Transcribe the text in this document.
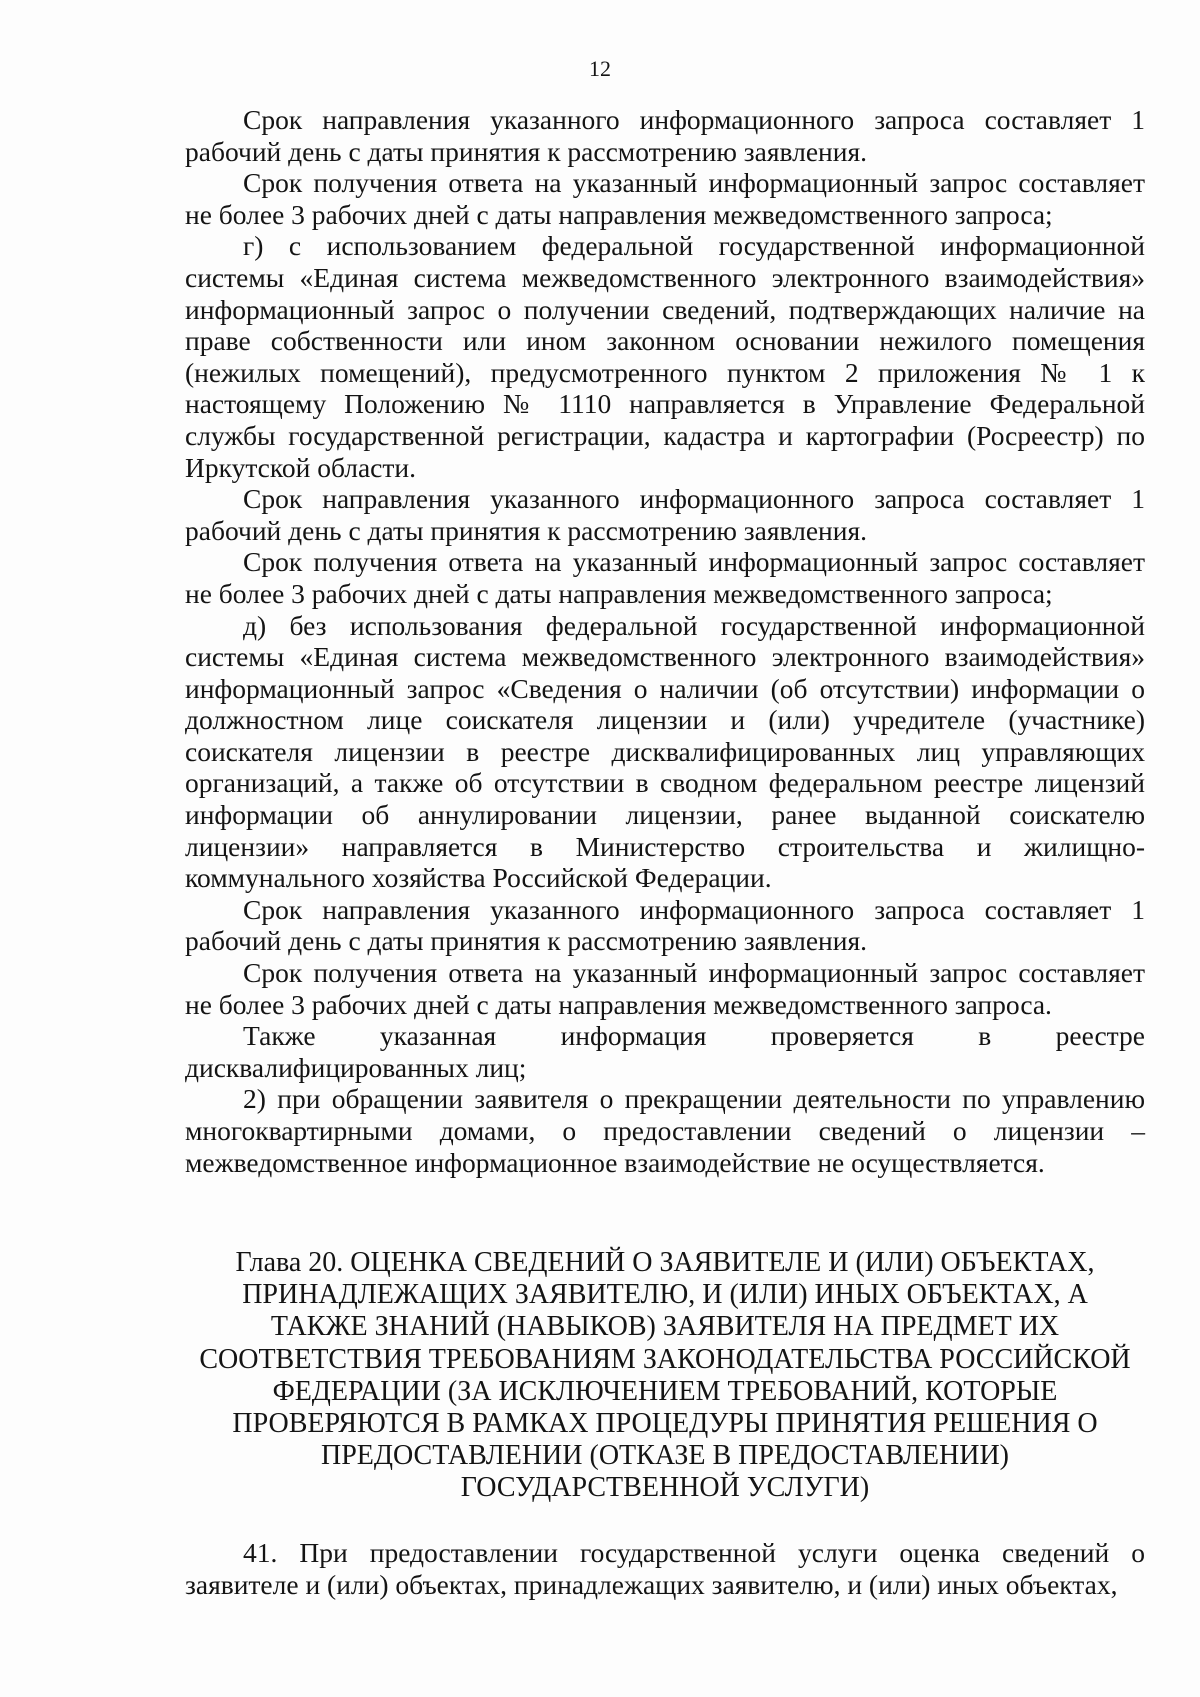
12

Срок направления указанного информационного запроса составляет 1 рабочий день с даты принятия к рассмотрению заявления.

Срок получения ответа на указанный информационный запрос составляет не более 3 рабочих дней с даты направления межведомственного запроса;

г) с использованием федеральной государственной информационной системы «Единая система межведомственного электронного взаимодействия» информационный запрос о получении сведений, подтверждающих наличие на праве собственности или ином законном основании нежилого помещения (нежилых помещений), предусмотренного пунктом 2 приложения № 1 к настоящему Положению № 1110 направляется в Управление Федеральной службы государственной регистрации, кадастра и картографии (Росреестр) по Иркутской области.

Срок направления указанного информационного запроса составляет 1 рабочий день с даты принятия к рассмотрению заявления.

Срок получения ответа на указанный информационный запрос составляет не более 3 рабочих дней с даты направления межведомственного запроса;

д) без использования федеральной государственной информационной системы «Единая система межведомственного электронного взаимодействия» информационный запрос «Сведения о наличии (об отсутствии) информации о должностном лице соискателя лицензии и (или) учредителе (участнике) соискателя лицензии в реестре дисквалифицированных лиц управляющих организаций, а также об отсутствии в сводном федеральном реестре лицензий информации об аннулировании лицензии, ранее выданной соискателю лицензии» направляется в Министерство строительства и жилищно-коммунального хозяйства Российской Федерации.

Срок направления указанного информационного запроса составляет 1 рабочий день с даты принятия к рассмотрению заявления.

Срок получения ответа на указанный информационный запрос составляет не более 3 рабочих дней с даты направления межведомственного запроса.

Также указанная информация проверяется в реестре дисквалифицированных лиц;

2) при обращении заявителя о прекращении деятельности по управлению многоквартирными домами, о предоставлении сведений о лицензии – межведомственное информационное взаимодействие не осуществляется.

Глава 20. ОЦЕНКА СВЕДЕНИЙ О ЗАЯВИТЕЛЕ И (ИЛИ) ОБЪЕКТАХ,
ПРИНАДЛЕЖАЩИХ ЗАЯВИТЕЛЮ, И (ИЛИ) ИНЫХ ОБЪЕКТАХ, А
ТАКЖЕ ЗНАНИЙ (НАВЫКОВ) ЗАЯВИТЕЛЯ НА ПРЕДМЕТ ИХ
СООТВЕТСТВИЯ ТРЕБОВАНИЯМ ЗАКОНОДАТЕЛЬСТВА РОССИЙСКОЙ
ФЕДЕРАЦИИ (ЗА ИСКЛЮЧЕНИЕМ ТРЕБОВАНИЙ, КОТОРЫЕ
ПРОВЕРЯЮТСЯ В РАМКАХ ПРОЦЕДУРЫ ПРИНЯТИЯ РЕШЕНИЯ О
ПРЕДОСТАВЛЕНИИ (ОТКАЗЕ В ПРЕДОСТАВЛЕНИИ)
ГОСУДАРСТВЕННОЙ УСЛУГИ)

41. При предоставлении государственной услуги оценка сведений о заявителе и (или) объектах, принадлежащих заявителю, и (или) иных объектах,
